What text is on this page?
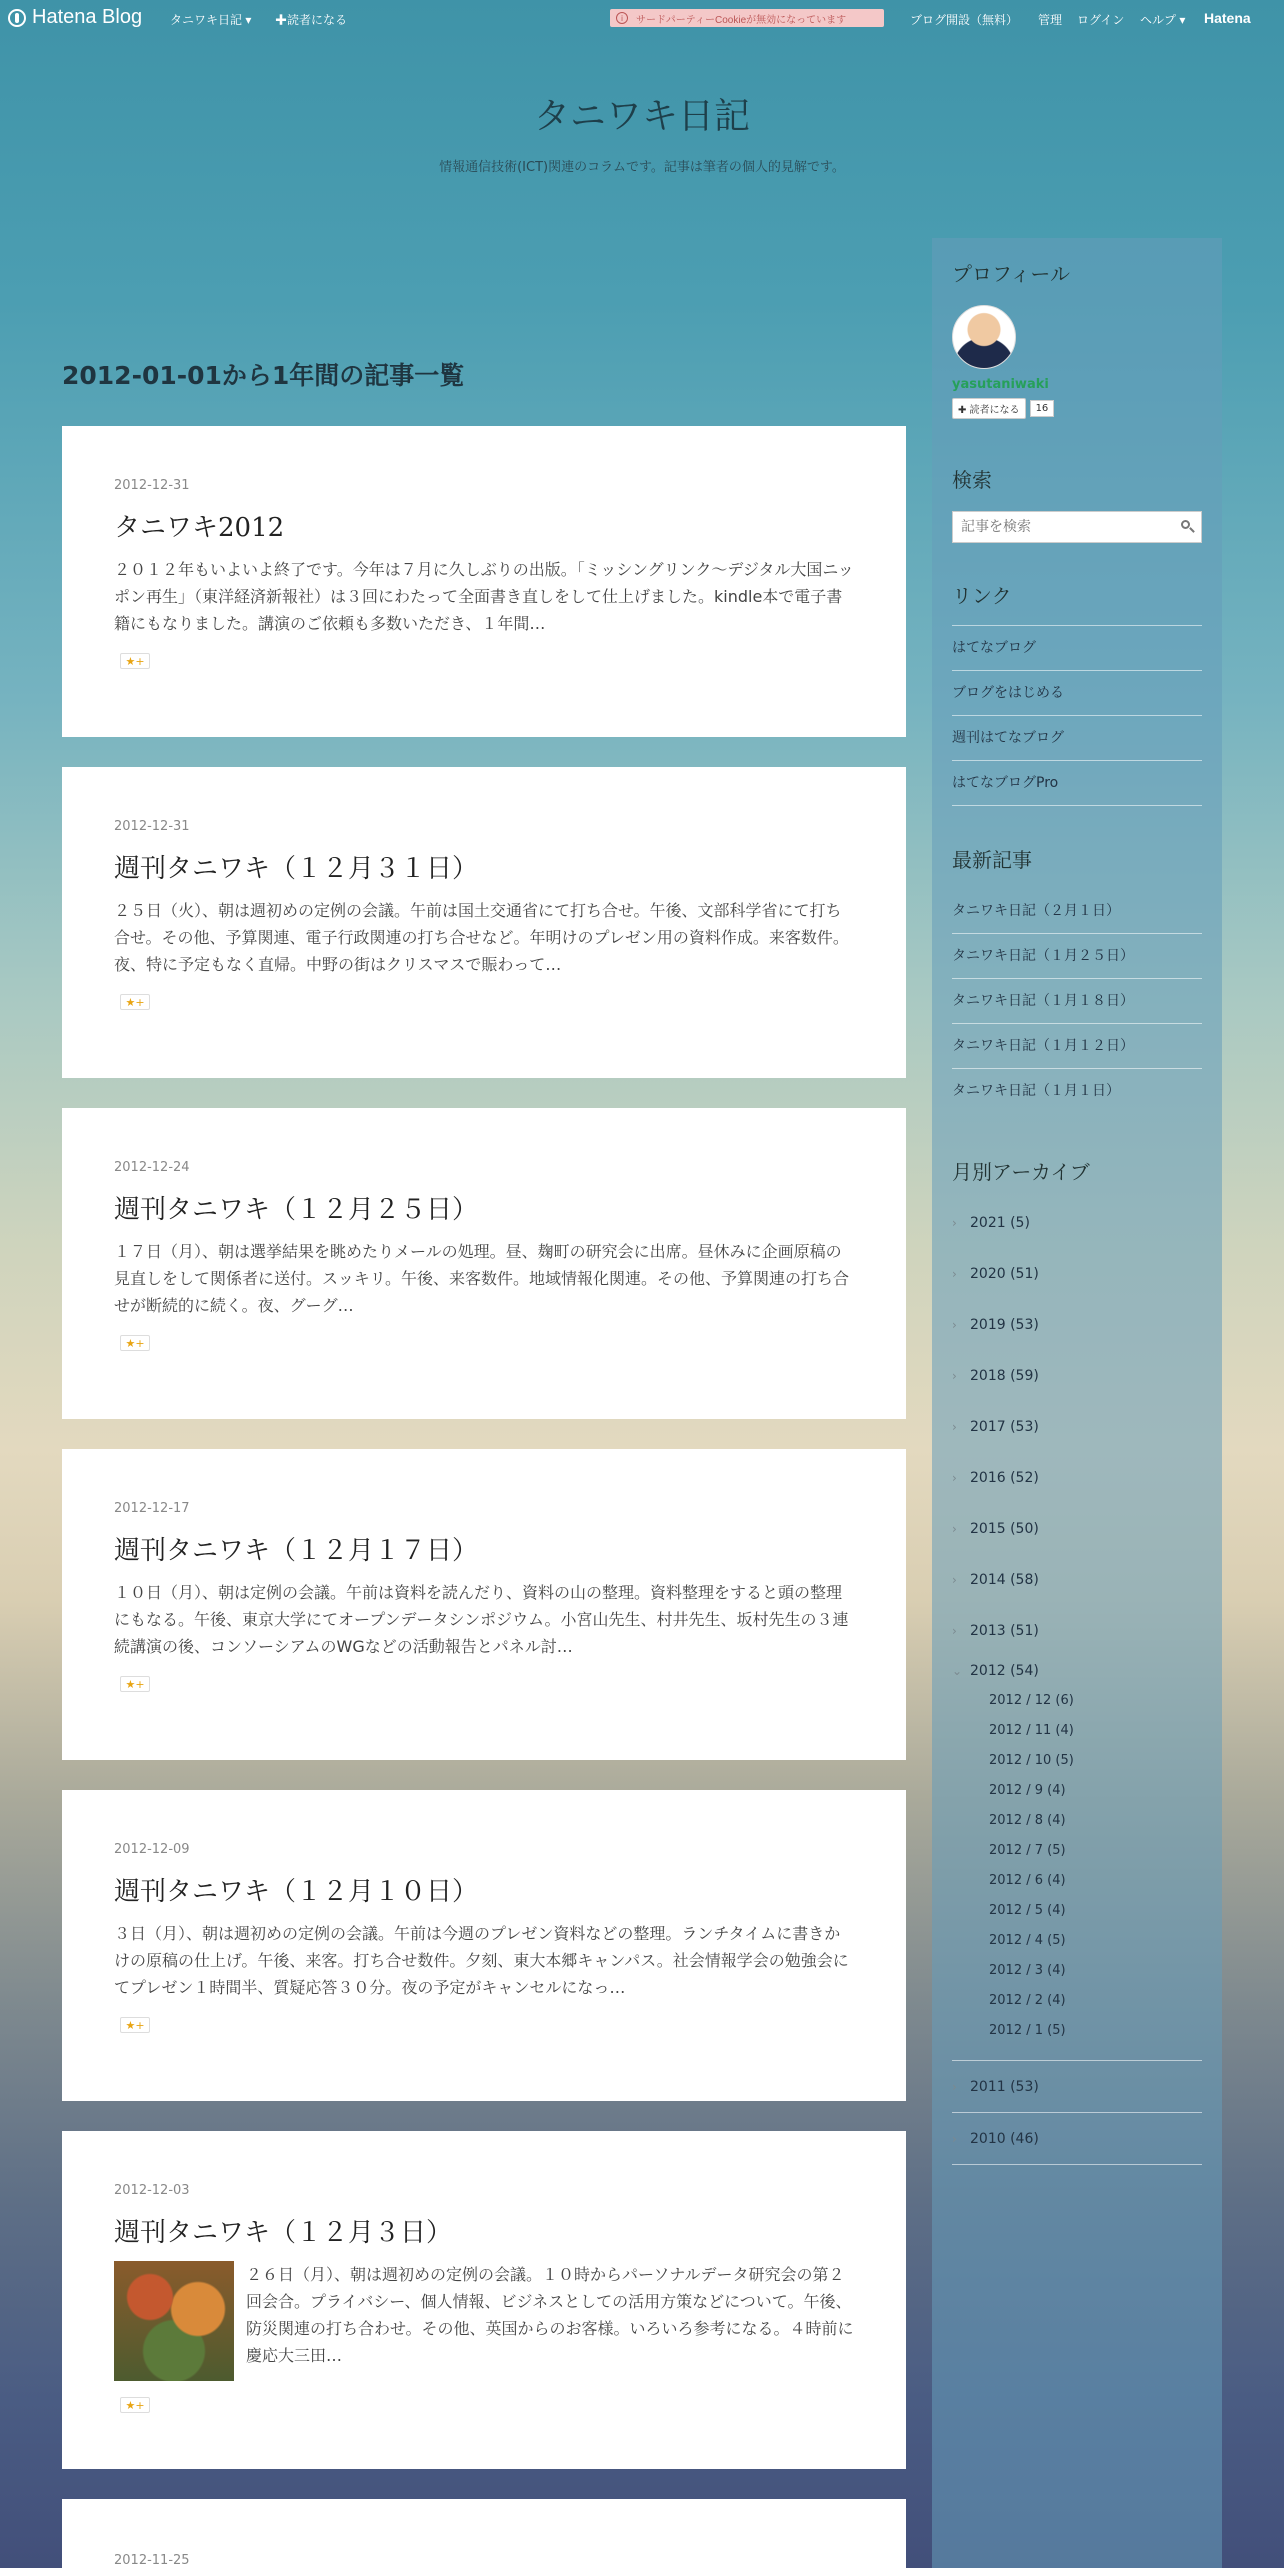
Hatena Blog タニワキ日記 ▾ ✚読者になる	i	サードパーティーCookieが無効になっています	ブログ開設（無料） 管理 ログイン ヘルプ ▾ Hatena
タニワキ日記
情報通信技術(ICT)関連のコラムです。記事は筆者の個人的見解です。
2012-01-01から1年間の記事一覧
2012-12-31
タニワキ2012
２０１２年もいよいよ終了です。今年は７月に久しぶりの出版。「ミッシングリンク〜デジタル大国ニッポン再生」（東洋経済新報社）は３回にわたって全面書き直しをして仕上げました。kindle本で電子書籍にもなりました。講演のご依頼も多数いただき、１年間…
★+
2012-12-31
週刊タニワキ（１２月３１日）
２５日（火）、朝は週初めの定例の会議。午前は国土交通省にて打ち合せ。午後、文部科学省にて打ち合せ。その他、予算関連、電子行政関連の打ち合せなど。年明けのプレゼン用の資料作成。来客数件。夜、特に予定もなく直帰。中野の街はクリスマスで賑わって…
★+
2012-12-24
週刊タニワキ（１２月２５日）
１７日（月）、朝は選挙結果を眺めたりメールの処理。昼、麹町の研究会に出席。昼休みに企画原稿の見直しをして関係者に送付。スッキリ。午後、来客数件。地域情報化関連。その他、予算関連の打ち合せが断続的に続く。夜、グーグ…
★+
2012-12-17
週刊タニワキ（１２月１７日）
１０日（月）、朝は定例の会議。午前は資料を読んだり、資料の山の整理。資料整理をすると頭の整理にもなる。午後、東京大学にてオープンデータシンポジウム。小宮山先生、村井先生、坂村先生の３連続講演の後、コンソーシアムのWGなどの活動報告とパネル討…
★+
2012-12-09
週刊タニワキ（１２月１０日）
３日（月）、朝は週初めの定例の会議。午前は今週のプレゼン資料などの整理。ランチタイムに書きかけの原稿の仕上げ。午後、来客。打ち合せ数件。夕刻、東大本郷キャンパス。社会情報学会の勉強会にてプレゼン１時間半、質疑応答３０分。夜の予定がキャンセルになっ…
★+
2012-12-03
週刊タニワキ（１２月３日）
２６日（月）、朝は週初めの定例の会議。１０時からパーソナルデータ研究会の第２回会合。プライバシー、個人情報、ビジネスとしての活用方策などについて。午後、防災関連の打ち合わせ。その他、英国からのお客様。いろいろ参考になる。４時前に慶応大三田…
★+
2012-11-25
プロフィール
yasutaniwaki
✚ 読者になる	16
検索
記事を検索
リンク
はてなブログ
ブログをはじめる
週刊はてなブログ
はてなブログPro
最新記事
タニワキ日記（２月１日）
タニワキ日記（１月２５日）
タニワキ日記（１月１８日）
タニワキ日記（１月１２日）
タニワキ日記（１月１日）
月別アーカイブ
› 2021 (5)
› 2020 (51)
› 2019 (53)
› 2018 (59)
› 2017 (53)
› 2016 (52)
› 2015 (50)
› 2014 (58)
› 2013 (51)
⌄ 2012 (54)
2012 / 12 (6)
2012 / 11 (4)
2012 / 10 (5)
2012 / 9 (4)
2012 / 8 (4)
2012 / 7 (5)
2012 / 6 (4)
2012 / 5 (4)
2012 / 4 (5)
2012 / 3 (4)
2012 / 2 (4)
2012 / 1 (5)
› 2011 (53)
› 2010 (46)
